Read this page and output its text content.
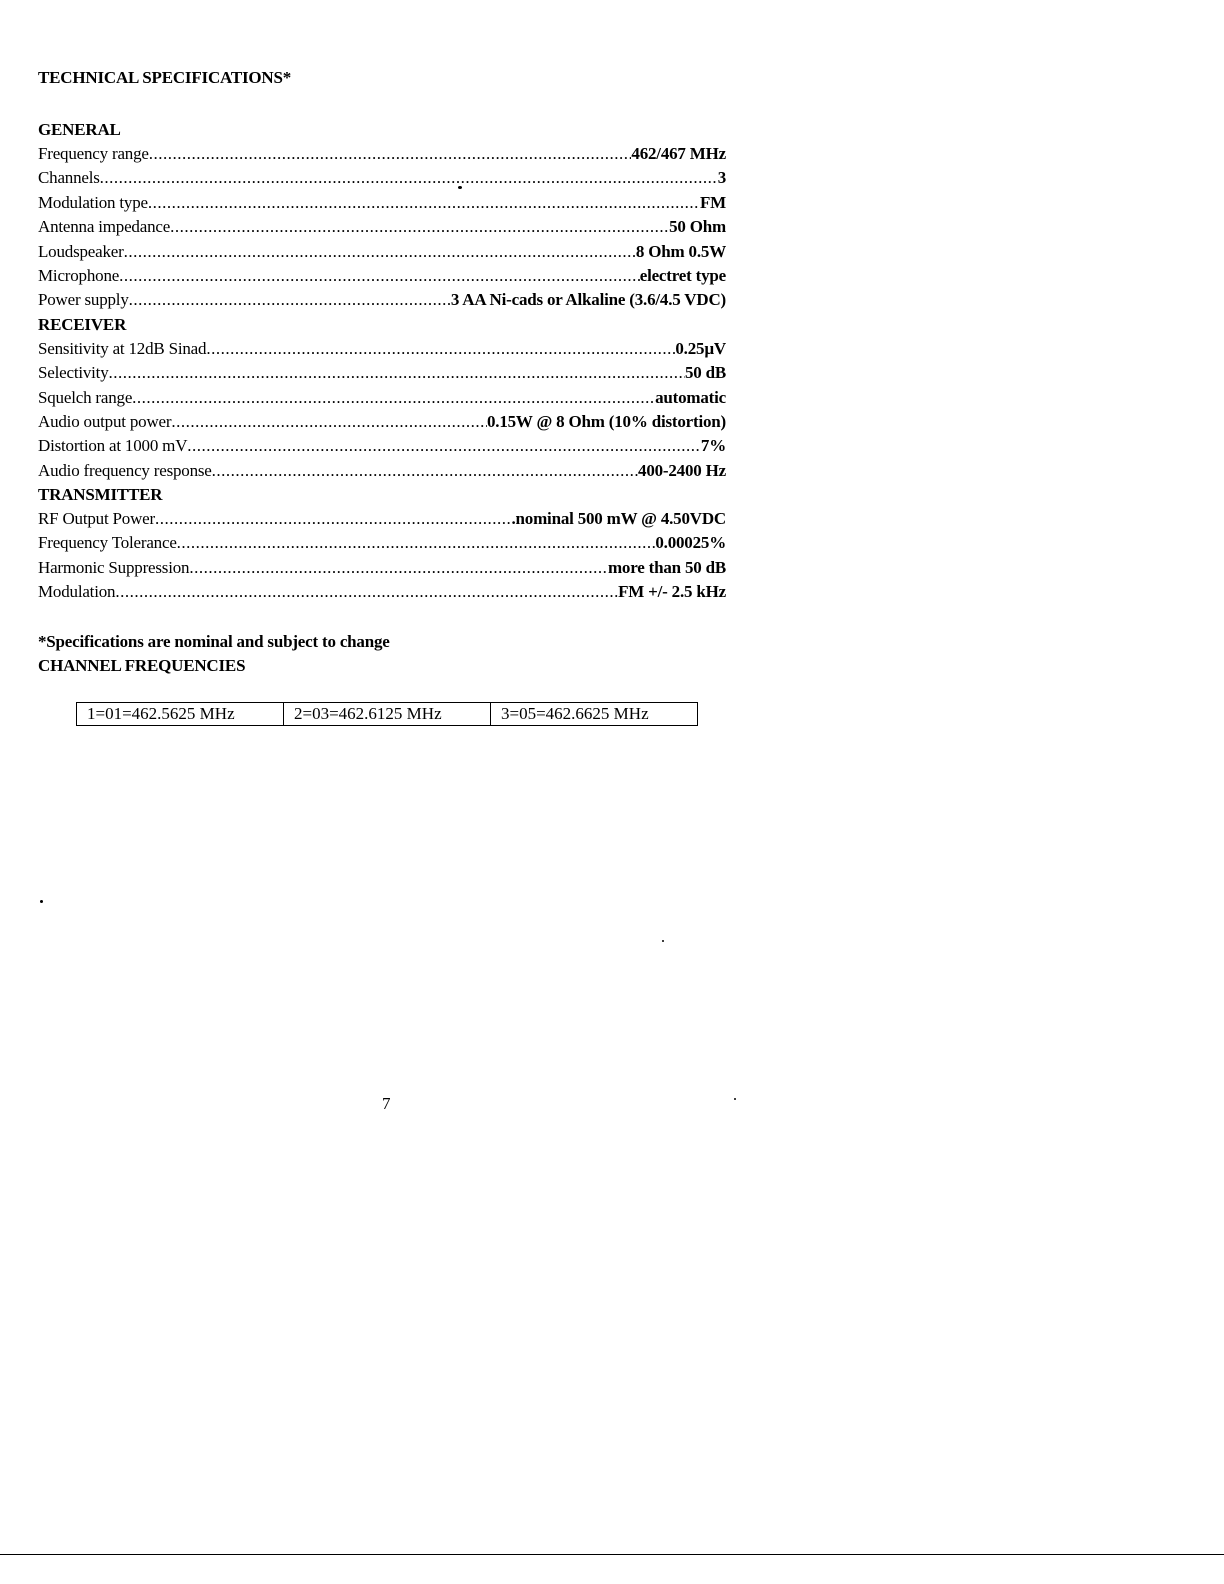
TECHNICAL SPECIFICATIONS*
GENERAL
Frequency range .....	462/467 MHz
Channels .....	3
Modulation type .....	FM
Antenna impedance .....	50 Ohm
Loudspeaker .....	8 Ohm 0.5W
Microphone .....	electret type
Power supply .....	3 AA Ni-cads or Alkaline (3.6/4.5 VDC)
RECEIVER
Sensitivity at 12dB Sinad .....	0.25µV
Selectivity .....	50 dB
Squelch range .....	automatic
Audio output power .....	0.15W @ 8 Ohm (10% distortion)
Distortion at 1000 mV .....	7%
Audio frequency response .....	400-2400 Hz
TRANSMITTER
RF Output Power .....	.nominal 500 mW @ 4.50VDC
Frequency Tolerance .....	0.00025%
Harmonic Suppression .....	more than 50 dB
Modulation .....	FM +/- 2.5 kHz
*Specifications are nominal and subject to change
CHANNEL FREQUENCIES
1=01=462.5625 MHz	2=03=462.6125 MHz	3=05=462.6625 MHz
7
